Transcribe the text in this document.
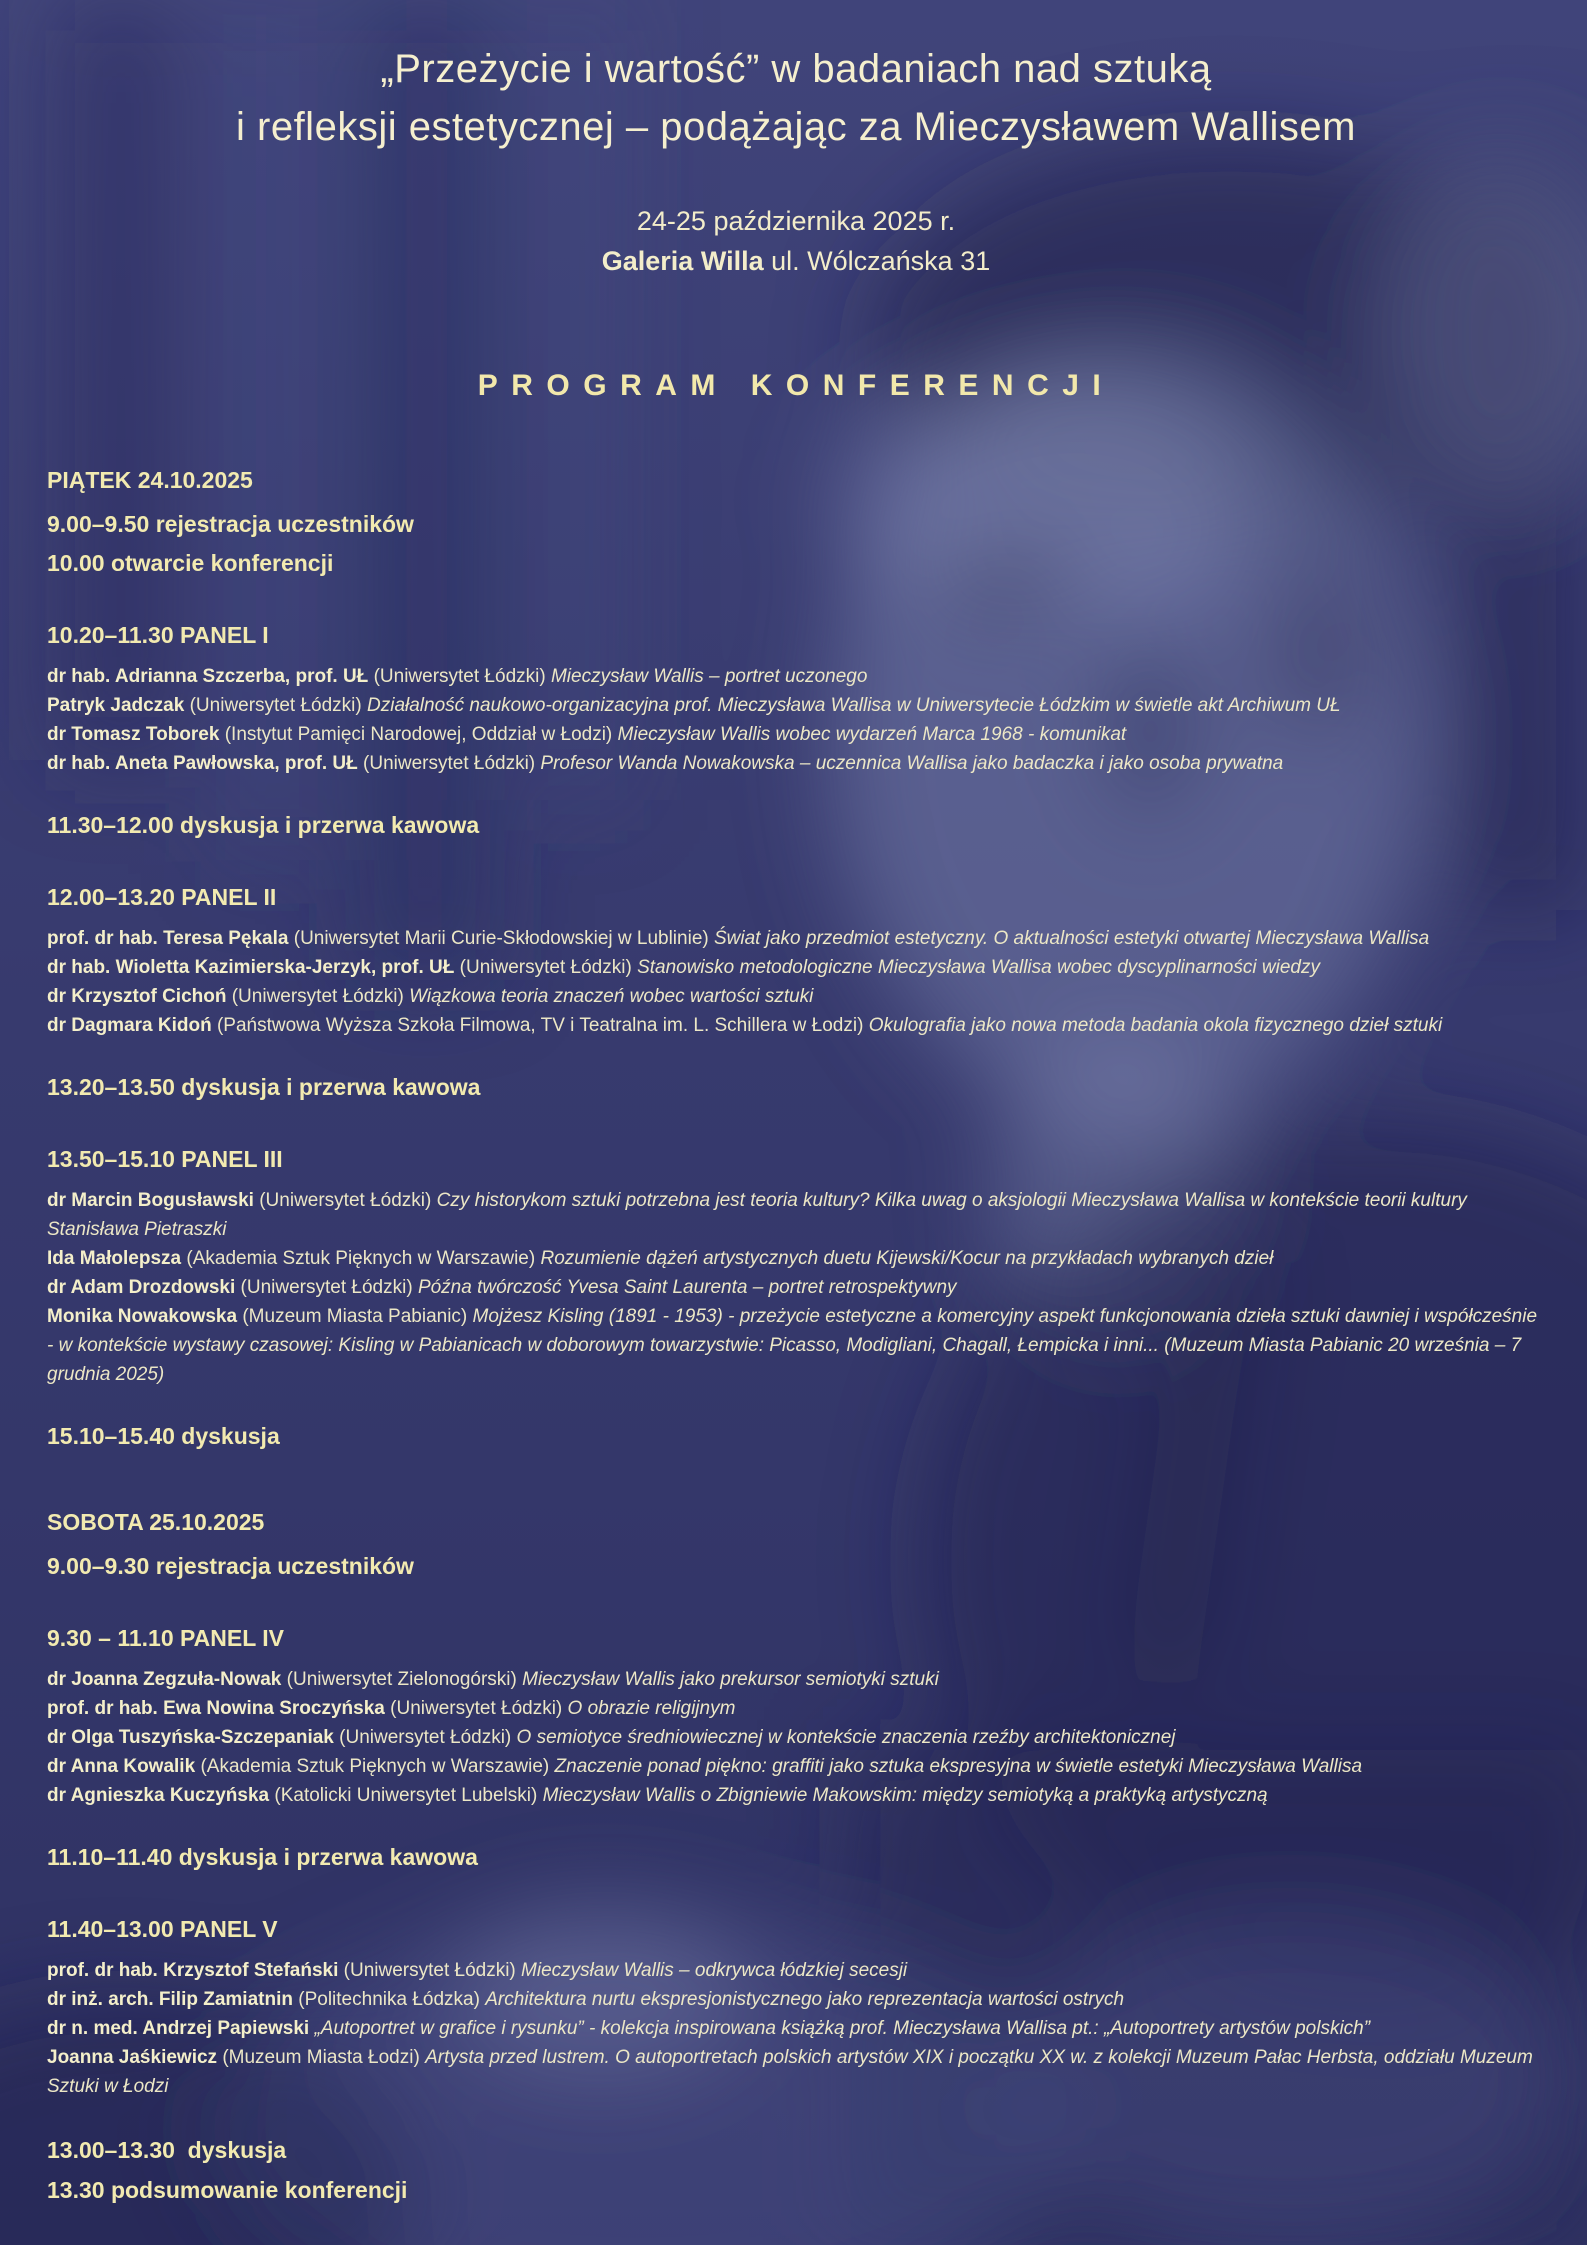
„Przeżycie i wartość” w badaniach nad sztuką
i refleksji estetycznej – podążając za Mieczysławem Wallisem
24-25 października 2025 r.
Galeria Willa ul. Wólczańska 31
PROGRAM KONFERENCJI
PIĄTEK 24.10.2025
9.00–9.50 rejestracja uczestników
10.00 otwarcie konferencji
10.20–11.30 PANEL I

dr hab. Adrianna Szczerba, prof. UŁ (Uniwersytet Łódzki) Mieczysław Wallis – portret uczonego

Patryk Jadczak (Uniwersytet Łódzki) Działalność naukowo-organizacyjna prof. Mieczysława Wallisa w Uniwersytecie Łódzkim w świetle akt Archiwum UŁ

dr Tomasz Toborek (Instytut Pamięci Narodowej, Oddział w Łodzi) Mieczysław Wallis wobec wydarzeń Marca 1968 - komunikat

dr hab. Aneta Pawłowska, prof. UŁ (Uniwersytet Łódzki) Profesor Wanda Nowakowska – uczennica Wallisa jako badaczka i jako osoba prywatna

11.30–12.00 dyskusja i przerwa kawowa
12.00–13.20 PANEL II

prof. dr hab. Teresa Pękala (Uniwersytet Marii Curie-Skłodowskiej w Lublinie) Świat jako przedmiot estetyczny. O aktualności estetyki otwartej Mieczysława Wallisa

dr hab. Wioletta Kazimierska-Jerzyk, prof. UŁ (Uniwersytet Łódzki) Stanowisko metodologiczne Mieczysława Wallisa wobec dyscyplinarności wiedzy

dr Krzysztof Cichoń (Uniwersytet Łódzki) Wiązkowa teoria znaczeń wobec wartości sztuki

dr Dagmara Kidoń (Państwowa Wyższa Szkoła Filmowa, TV i Teatralna im. L. Schillera w Łodzi) Okulografia jako nowa metoda badania okola fizycznego dzieł sztuki

13.20–13.50 dyskusja i przerwa kawowa
13.50–15.10 PANEL III

dr Marcin Bogusławski (Uniwersytet Łódzki) Czy historykom sztuki potrzebna jest teoria kultury? Kilka uwag o aksjologii Mieczysława Wallisa w kontekście teorii kultury Stanisława Pietraszki

Ida Małolepsza (Akademia Sztuk Pięknych w Warszawie) Rozumienie dążeń artystycznych duetu Kijewski/Kocur na przykładach wybranych dzieł

dr Adam Drozdowski (Uniwersytet Łódzki) Późna twórczość Yvesa Saint Laurenta – portret retrospektywny

Monika Nowakowska (Muzeum Miasta Pabianic) Mojżesz Kisling (1891 - 1953) - przeżycie estetyczne a komercyjny aspekt funkcjonowania dzieła sztuki dawniej i współcześnie - w kontekście wystawy czasowej: Kisling w Pabianicach w doborowym towarzystwie: Picasso, Modigliani, Chagall, Łempicka i inni... (Muzeum Miasta Pabianic 20 września – 7 grudnia 2025)

15.10–15.40 dyskusja
SOBOTA 25.10.2025
9.00–9.30 rejestracja uczestników
9.30 – 11.10 PANEL IV

dr Joanna Zegzuła-Nowak (Uniwersytet Zielonogórski) Mieczysław Wallis jako prekursor semiotyki sztuki

prof. dr hab. Ewa Nowina Sroczyńska (Uniwersytet Łódzki) O obrazie religijnym

dr Olga Tuszyńska-Szczepaniak (Uniwersytet Łódzki) O semiotyce średniowiecznej w kontekście znaczenia rzeźby architektonicznej

dr Anna Kowalik (Akademia Sztuk Pięknych w Warszawie) Znaczenie ponad piękno: graffiti jako sztuka ekspresyjna w świetle estetyki Mieczysława Wallisa

dr Agnieszka Kuczyńska (Katolicki Uniwersytet Lubelski) Mieczysław Wallis o Zbigniewie Makowskim: między semiotyką a praktyką artystyczną

11.10–11.40 dyskusja i przerwa kawowa
11.40–13.00 PANEL V

prof. dr hab. Krzysztof Stefański (Uniwersytet Łódzki) Mieczysław Wallis – odkrywca łódzkiej secesji

dr inż. arch. Filip Zamiatnin (Politechnika Łódzka) Architektura nurtu ekspresjonistycznego jako reprezentacja wartości ostrych

dr n. med. Andrzej Papiewski „Autoportret w grafice i rysunku” - kolekcja inspirowana książką prof. Mieczysława Wallisa pt.: „Autoportrety artystów polskich”

Joanna Jaśkiewicz (Muzeum Miasta Łodzi) Artysta przed lustrem. O autoportretach polskich artystów XIX i początku XX w. z kolekcji Muzeum Pałac Herbsta, oddziału Muzeum Sztuki w Łodzi

13.00–13.30  dyskusja
13.30 podsumowanie konferencji
